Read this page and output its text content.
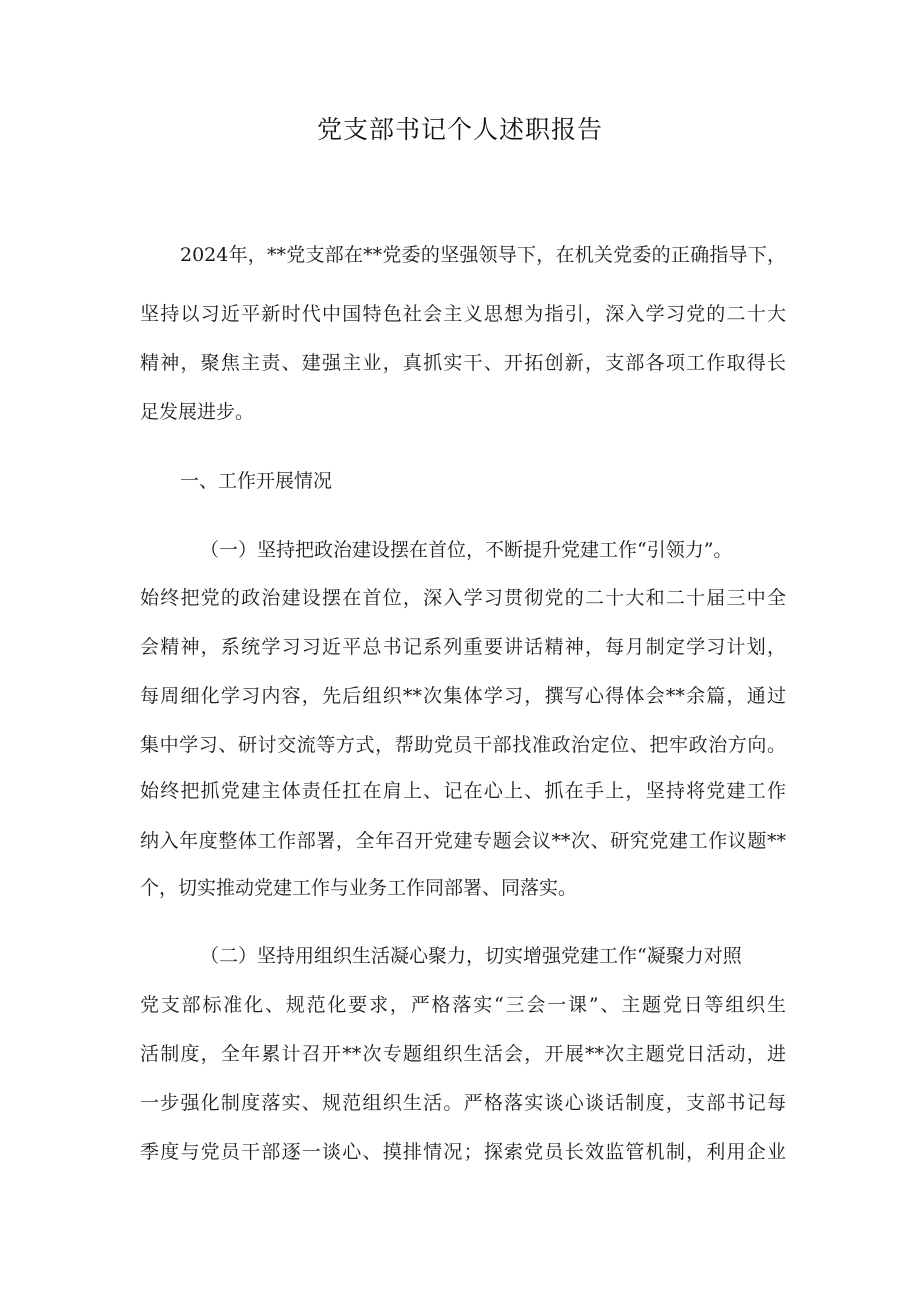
党支部书记个人述职报告
2024年，**党支部在**党委的坚强领导下，在机关党委的正确指导下，
坚持以习近平新时代中国特色社会主义思想为指引，深入学习党的二十大
精神，聚焦主责、建强主业，真抓实干、开拓创新，支部各项工作取得长
足发展进步。
一、工作开展情况
（一）坚持把政治建设摆在首位，不断提升党建工作“引领力”。
始终把党的政治建设摆在首位，深入学习贯彻党的二十大和二十届三中全
会精神，系统学习习近平总书记系列重要讲话精神，每月制定学习计划，
每周细化学习内容，先后组织**次集体学习，撰写心得体会**余篇，通过
集中学习、研讨交流等方式，帮助党员干部找准政治定位、把牢政治方向。
始终把抓党建主体责任扛在肩上、记在心上、抓在手上，坚持将党建工作
纳入年度整体工作部署，全年召开党建专题会议**次、研究党建工作议题**
个，切实推动党建工作与业务工作同部署、同落实。
（二）坚持用组织生活凝心聚力，切实增强党建工作“凝聚力对照
党支部标准化、规范化要求，严格落实“三会一课”、主题党日等组织生
活制度，全年累计召开**次专题组织生活会，开展**次主题党日活动，进
一步强化制度落实、规范组织生活。严格落实谈心谈话制度，支部书记每
季度与党员干部逐一谈心、摸排情况；探索党员长效监管机制，利用企业
